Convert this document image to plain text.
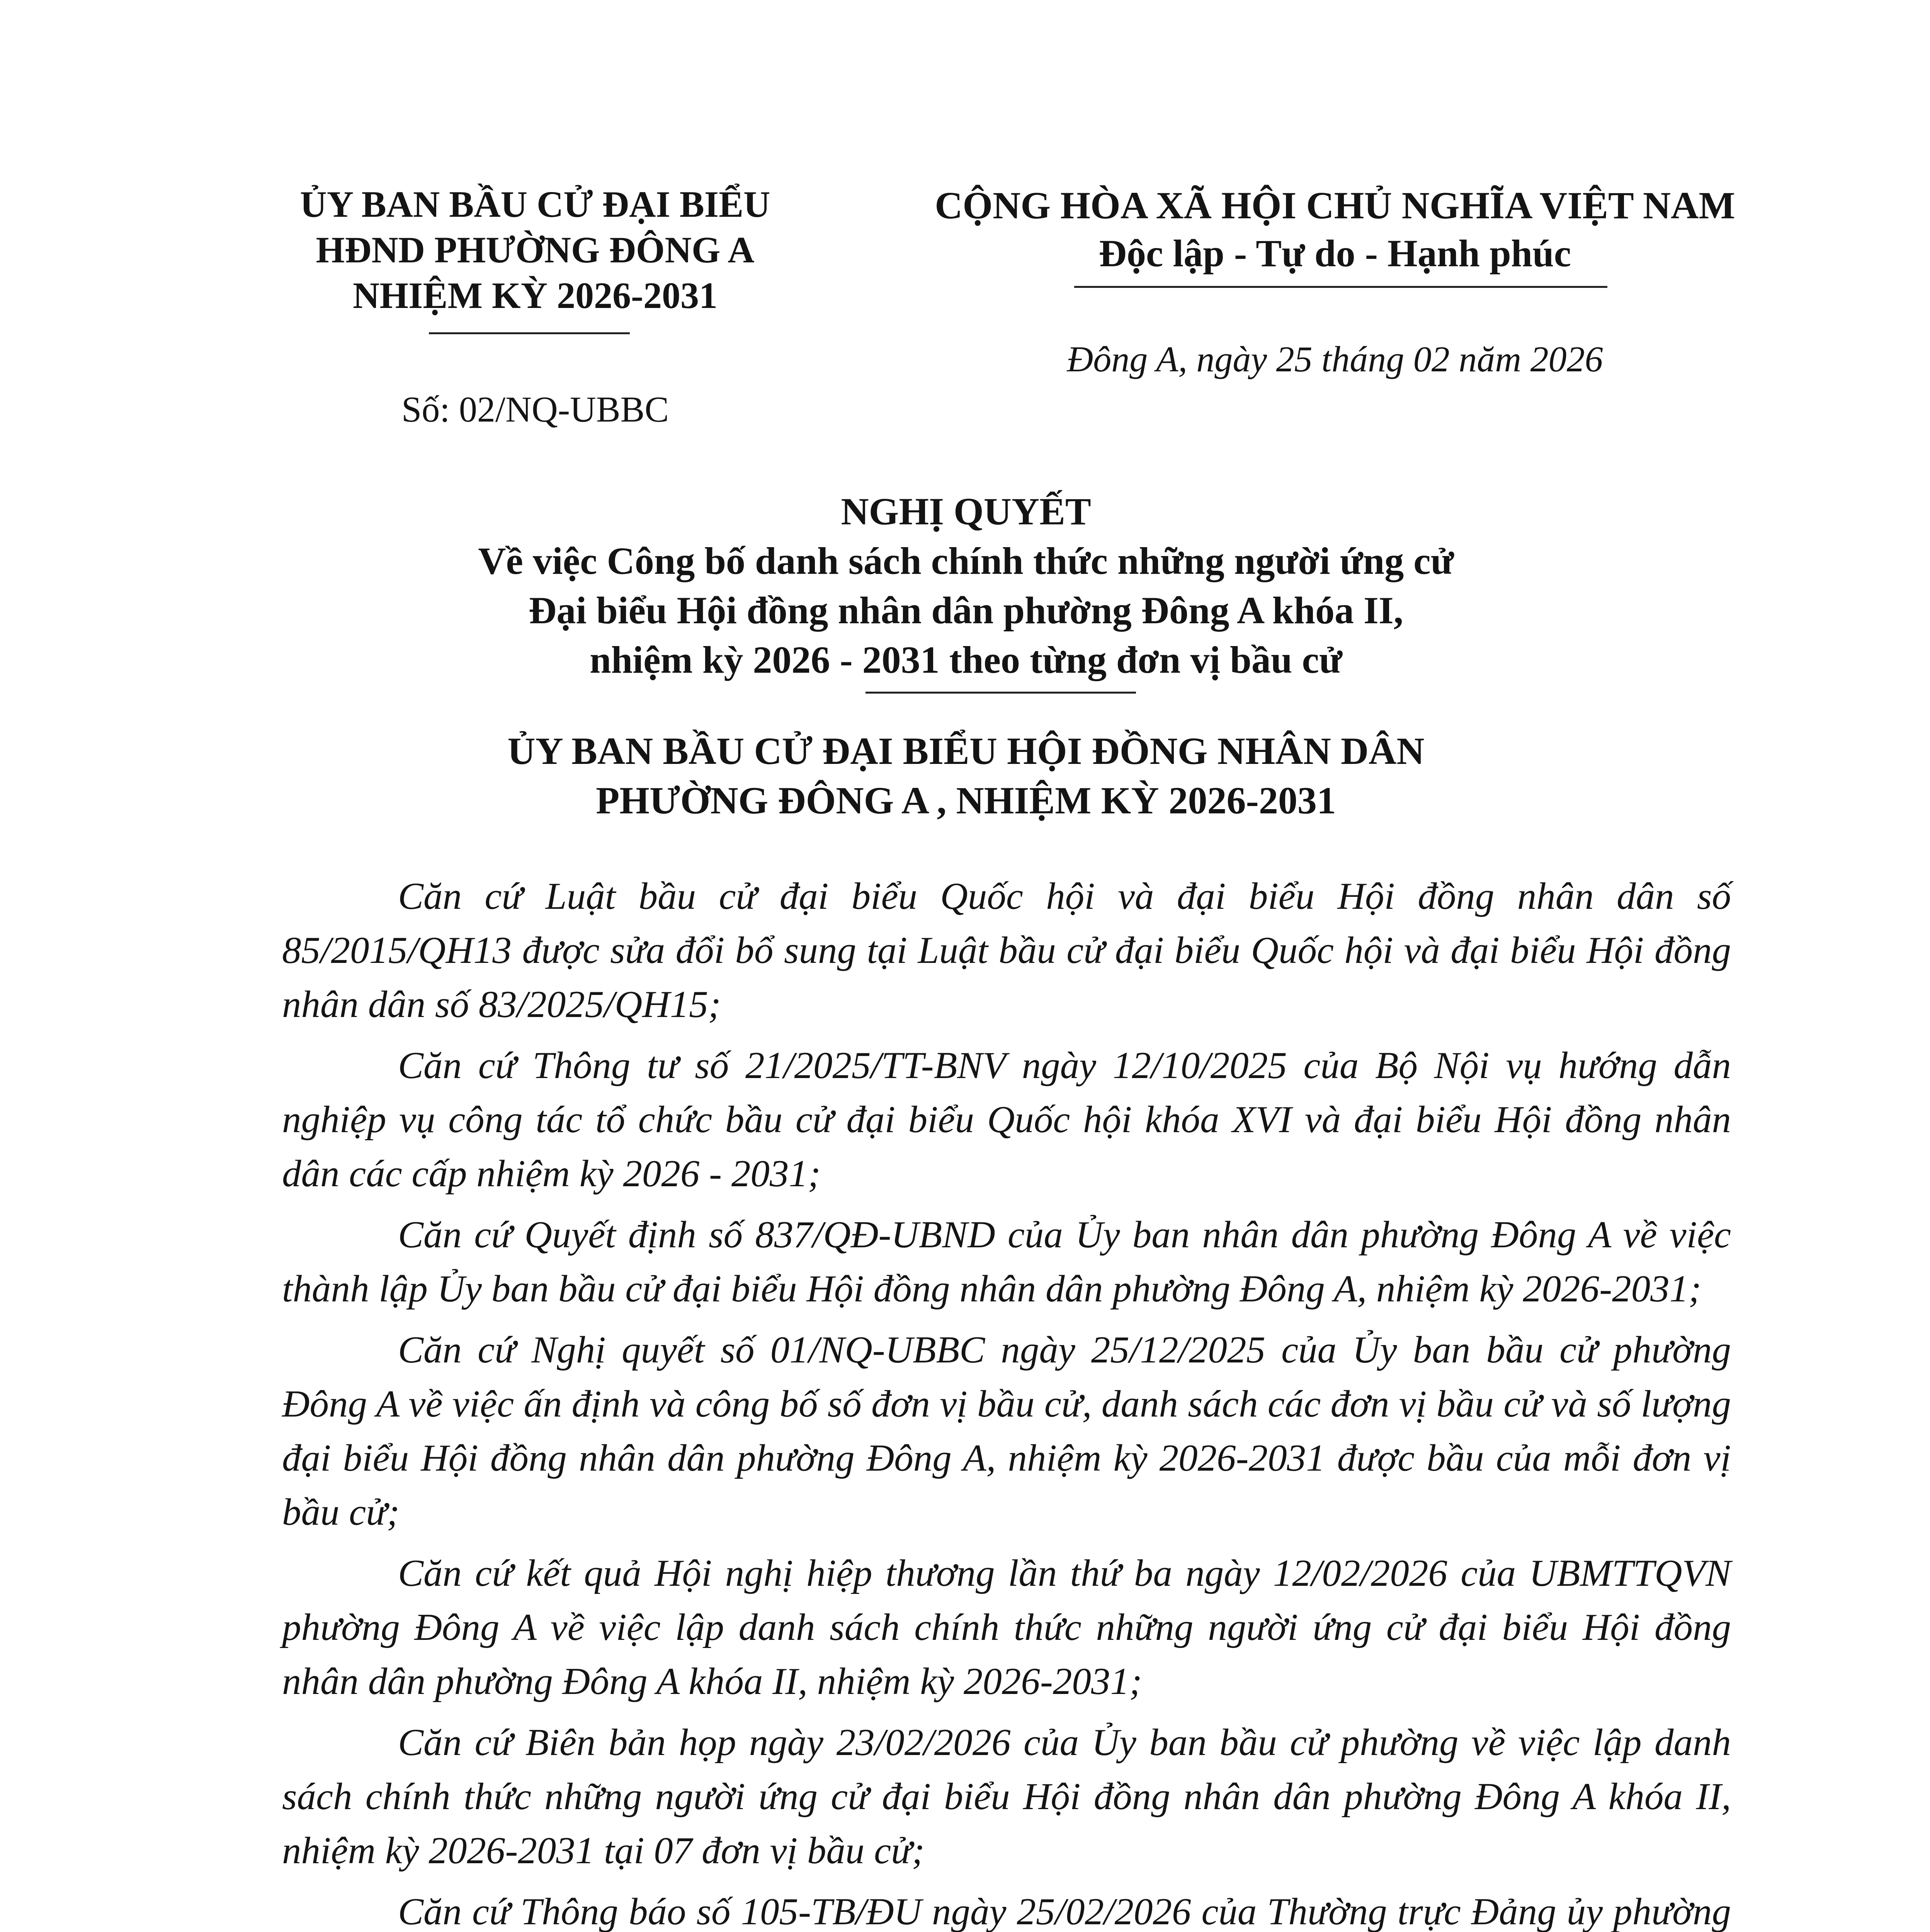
ỦY BAN BẦU CỬ ĐẠI BIỂU
HĐND PHƯỜNG ĐÔNG A
NHIỆM KỲ 2026-2031
Số: 02/NQ-UBBC
CỘNG HÒA XÃ HỘI CHỦ NGHĨA VIỆT NAM
Độc lập - Tự do - Hạnh phúc
Đông A, ngày 25 tháng 02 năm 2026
NGHỊ QUYẾT
Về việc Công bố danh sách chính thức những người ứng cử
Đại biểu Hội đồng nhân dân phường Đông A khóa II,
nhiệm kỳ 2026 - 2031 theo từng đơn vị bầu cử
ỦY BAN BẦU CỬ ĐẠI BIỂU HỘI ĐỒNG NHÂN DÂN
PHƯỜNG ĐÔNG A , NHIỆM KỲ 2026-2031

Căn cứ Luật bầu cử đại biểu Quốc hội và đại biểu Hội đồng nhân dân số 85/2015/QH13 được sửa đổi bổ sung tại Luật bầu cử đại biểu Quốc hội và đại biểu Hội đồng nhân dân số 83/2025/QH15;

Căn cứ Thông tư số 21/2025/TT-BNV ngày 12/10/2025 của Bộ Nội vụ hướng dẫn nghiệp vụ công tác tổ chức bầu cử đại biểu Quốc hội khóa XVI và đại biểu Hội đồng nhân dân các cấp nhiệm kỳ 2026 - 2031;

Căn cứ Quyết định số 837/QĐ-UBND của Ủy ban nhân dân phường Đông A về việc thành lập Ủy ban bầu cử đại biểu Hội đồng nhân dân phường Đông A, nhiệm kỳ 2026-2031;

Căn cứ Nghị quyết số 01/NQ-UBBC ngày 25/12/2025 của Ủy ban bầu cử phường Đông A về việc ấn định và công bố số đơn vị bầu cử, danh sách các đơn vị bầu cử và số lượng đại biểu Hội đồng nhân dân phường Đông A, nhiệm kỳ 2026-2031 được bầu của mỗi đơn vị bầu cử;

Căn cứ kết quả Hội nghị hiệp thương lần thứ ba ngày 12/02/2026 của UBMTTQVN phường Đông A về việc lập danh sách chính thức những người ứng cử đại biểu Hội đồng nhân dân phường Đông A khóa II, nhiệm kỳ 2026-2031;

Căn cứ Biên bản họp ngày 23/02/2026 của Ủy ban bầu cử phường về việc lập danh sách chính thức những người ứng cử đại biểu Hội đồng nhân dân phường Đông A khóa II, nhiệm kỳ 2026-2031 tại 07 đơn vị bầu cử;

Căn cứ Thông báo số 105-TB/ĐU ngày 25/02/2026 của Thường trực Đảng ủy phường
